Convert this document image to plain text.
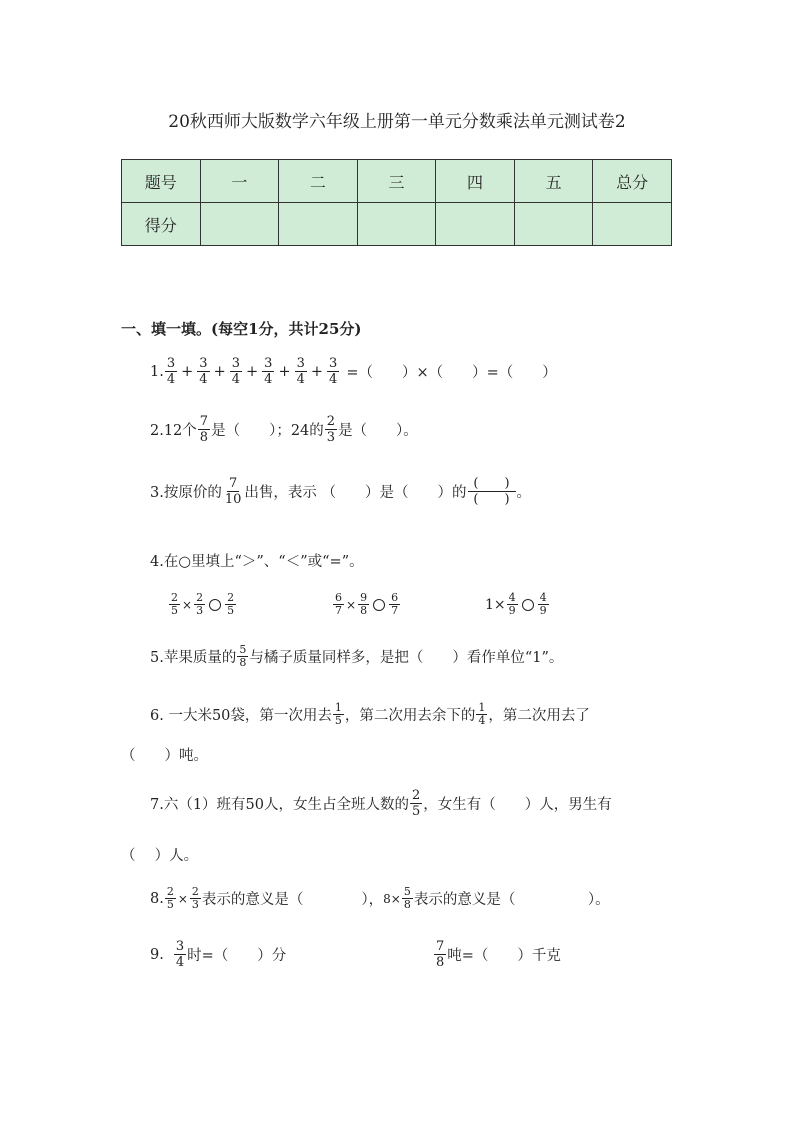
20秋西师大版数学六年级上册第一单元分数乘法单元测试卷2
题号	一	二	三	四	五	总分
得分						
一、填一填。(每空1分，共计25分)
1. $\frac{3}{4} + \frac{3}{4} + \frac{3}{4} + \frac{3}{4} + \frac{3}{4} + \frac{3}{4}$ =（　　）×（　　）=（　　）
2.12个 $\frac{7}{8}$ 是（　　）；24的 $\frac{2}{3}$ 是（　　）。
3.按原价的 $\frac{7}{10}$ 出售，表示 （　　）是（　　）的 $\frac{( )}{( )}$ 。
4.在○里填上“＞”、“＜”或“=”。
$\frac{2}{5} \times \frac{2}{3} \frac{2}{5}$	$\frac{6}{7} \times \frac{9}{8} \frac{6}{7}$	$1\times \frac{4}{9} \frac{4}{9}$
5.苹果质量的 $\frac{5}{8}$ 与橘子质量同样多，是把（　　）看作单位“1”。
6. 一大米50袋，第一次用去 $\frac{1}{5}$ ，第二次用去余下的 $\frac{1}{4}$ ，第二次用去了
（　　）吨。
7.六（1）班有50人，女生占全班人数的 $\frac{2}{5}$ ，女生有（　　）人，男生有
（　 ）人。
8. $\frac{2}{5} \times \frac{2}{3}$ 表示的意义是（　　　　）， $8\times \frac{5}{8}$ 表示的意义是（　　　　　）。
9. $\frac{3}{4}$ 时=（　　）分	$\frac{7}{8}$ 吨=（　　）千克
